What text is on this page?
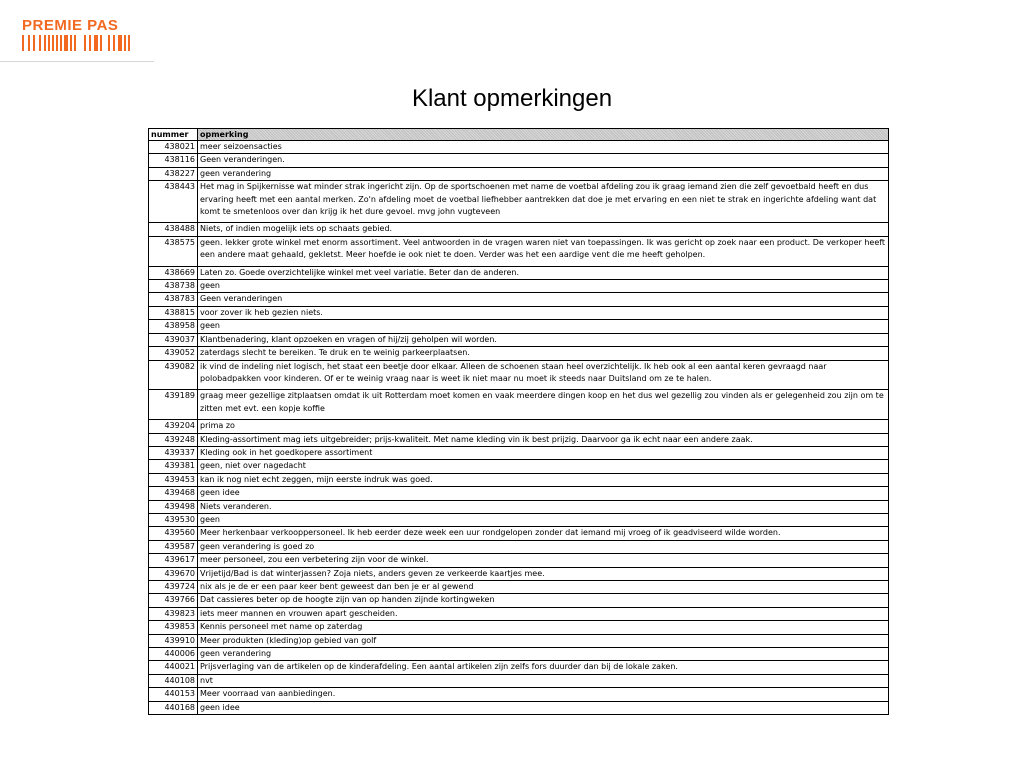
PREMIE PAS
Klant opmerkingen
nummer	opmerking
438021	meer seizoensacties
438116	Geen veranderingen.
438227	geen verandering
438443	Het mag in Spijkernisse wat minder strak ingericht zijn. Op de sportschoenen met name de voetbal afdeling zou ik graag iemand zien die zelf gevoetbald heeft en dus ervaring heeft met een aantal merken. Zo'n afdeling moet de voetbal liefhebber aantrekken dat doe je met ervaring en een niet te strak en ingerichte afdeling want dat komt te smetenloos over dan krijg ik het dure gevoel. mvg john vugteveen
438488	Niets, of indien mogelijk iets op schaats gebied.
438575	geen. lekker grote winkel met enorm assortiment. Veel antwoorden in de vragen waren niet van toepassingen. Ik was gericht op zoek naar een product. De verkoper heeft een andere maat gehaald, gekletst. Meer hoefde ie ook niet te doen. Verder was het een aardige vent die me heeft geholpen.
438669	Laten zo. Goede overzichtelijke winkel met veel variatie. Beter dan de anderen.
438738	geen
438783	Geen veranderingen
438815	voor zover ik heb gezien niets.
438958	geen
439037	Klantbenadering, klant opzoeken en vragen of hij/zij geholpen wil worden.
439052	zaterdags slecht te bereiken. Te druk en te weinig parkeerplaatsen.
439082	ik vind de indeling niet logisch, het staat een beetje door elkaar. Alleen de schoenen staan heel overzichtelijk. Ik heb ook al een aantal keren gevraagd naar polobadpakken voor kinderen. Of er te weinig vraag naar is weet ik niet maar nu moet ik steeds naar Duitsland om ze te halen.
439189	graag meer gezellige zitplaatsen omdat ik uit Rotterdam moet komen en vaak meerdere dingen koop en het dus wel gezellig zou vinden als er gelegenheid zou zijn om te zitten met evt. een kopje koffie
439204	prima zo
439248	Kleding-assortiment mag iets uitgebreider; prijs-kwaliteit. Met name kleding vin ik best prijzig. Daarvoor ga ik echt naar een andere zaak.
439337	Kleding ook in het goedkopere assortiment
439381	geen, niet over nagedacht
439453	kan ik nog niet echt zeggen, mijn eerste indruk was goed.
439468	geen idee
439498	Niets veranderen.
439530	geen
439560	Meer herkenbaar verkooppersoneel. Ik heb eerder deze week een uur rondgelopen zonder dat iemand mij vroeg of ik geadviseerd wilde worden.
439587	geen verandering is goed zo
439617	meer personeel, zou een verbetering zijn voor de winkel.
439670	Vrijetijd/Bad is dat winterjassen? Zoja niets, anders geven ze verkeerde kaartjes mee.
439724	nix als je de er een paar keer bent geweest dan ben je er al gewend
439766	Dat cassieres beter op de hoogte zijn van op handen zijnde kortingweken
439823	iets meer mannen en vrouwen apart gescheiden.
439853	Kennis personeel met name op zaterdag
439910	Meer produkten (kleding)op gebied van golf
440006	geen verandering
440021	Prijsverlaging van de artikelen op de kinderafdeling. Een aantal artikelen zijn zelfs fors duurder dan bij de lokale zaken.
440108	nvt
440153	Meer voorraad van aanbiedingen.
440168	geen idee
